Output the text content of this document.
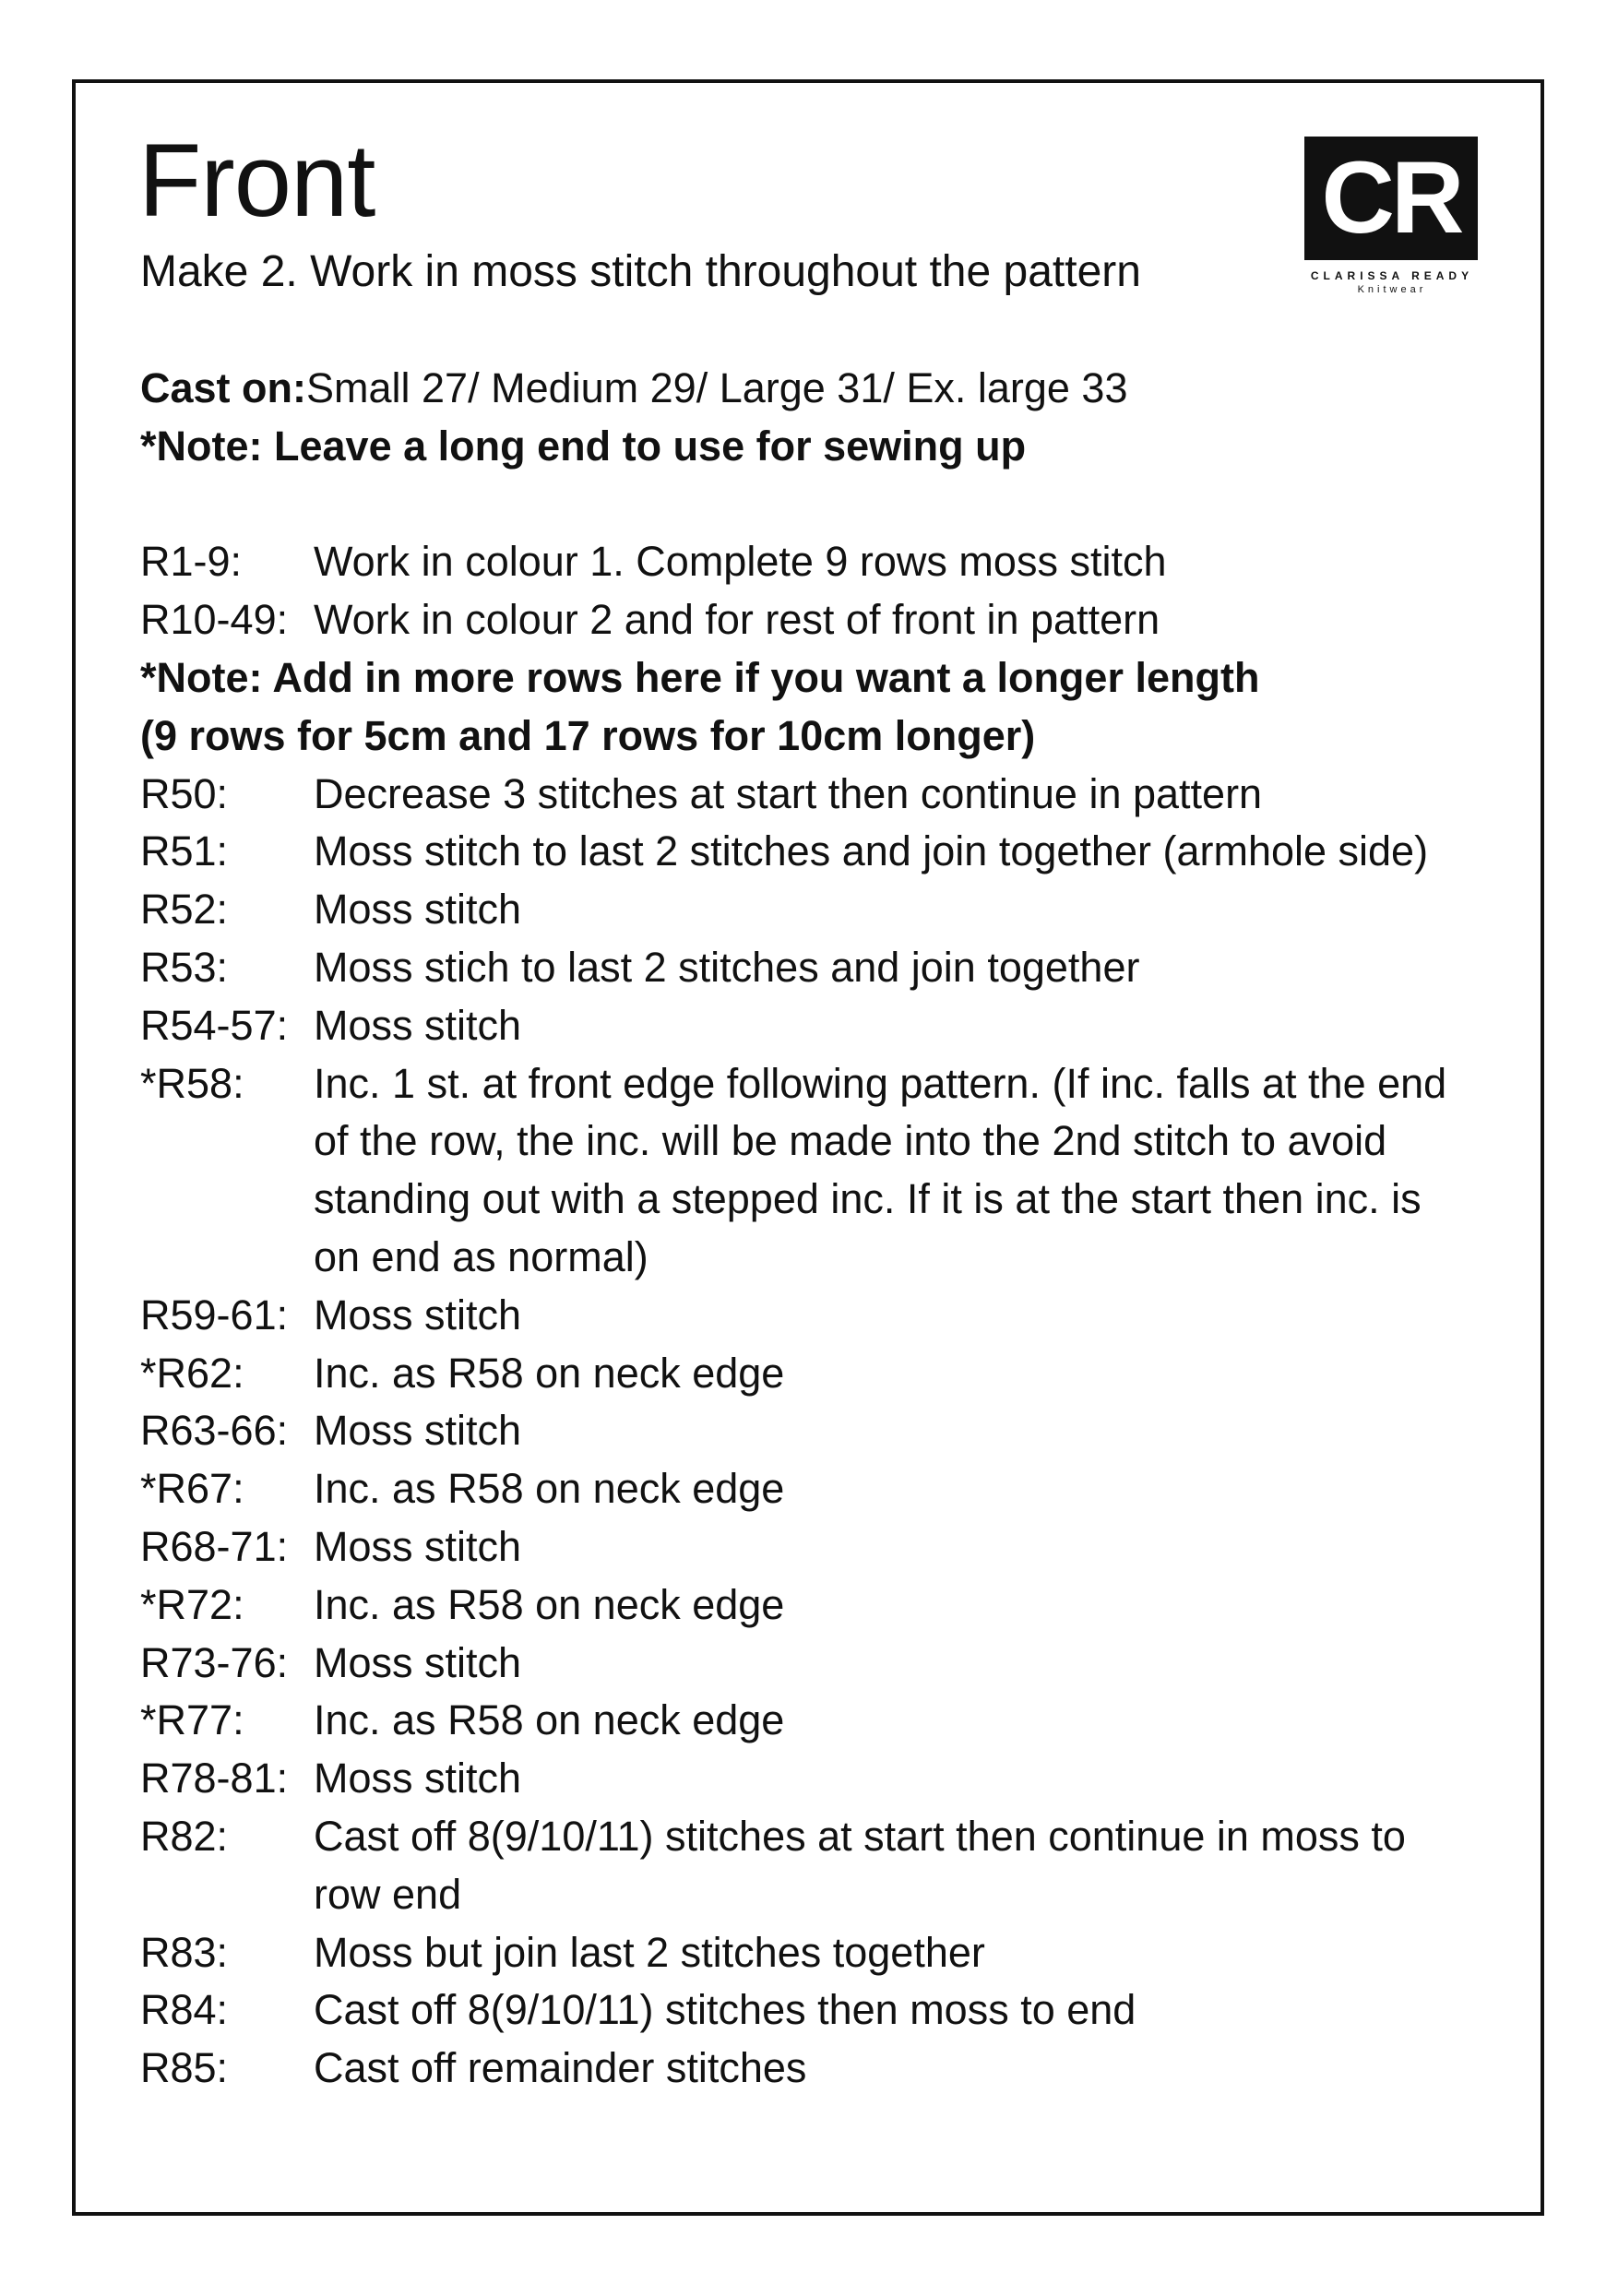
Front
Make 2. Work in moss stitch throughout the pattern
CR
CLARISSA READY
Knitwear
Cast on:Small 27/ Medium 29/ Large 31/ Ex. large 33
*Note: Leave a long end to use for sewing up
R1-9:	Work in colour 1. Complete 9 rows moss stitch
R10-49: Work in colour 2 and for rest of front in pattern
*Note: Add in more rows here if you want a longer length
(9 rows for 5cm and 17 rows for 10cm longer)
R50:	Decrease 3 stitches at start then continue in pattern
R51:	Moss stitch to last 2 stitches and join together (armhole side)
R52:	Moss stitch
R53:	Moss stich to last 2 stitches and join together
R54-57: Moss stitch
*R58:	Inc. 1 st. at front edge following pattern. (If inc. falls at the end of the row, the inc. will be made into the 2nd stitch to avoid standing out with a stepped inc. If it is at the start then inc. is on end as normal)
R59-61: Moss stitch
*R62:	Inc. as R58 on neck edge
R63-66: Moss stitch
*R67:	Inc. as R58 on neck edge
R68-71: Moss stitch
*R72:	Inc. as R58 on neck edge
R73-76: Moss stitch
*R77:	Inc. as R58 on neck edge
R78-81: Moss stitch
R82:	Cast off 8(9/10/11) stitches at start then continue in moss to row end
R83:	Moss but join last 2 stitches together
R84:	Cast off 8(9/10/11) stitches then moss to end
R85:	Cast off remainder stitches
